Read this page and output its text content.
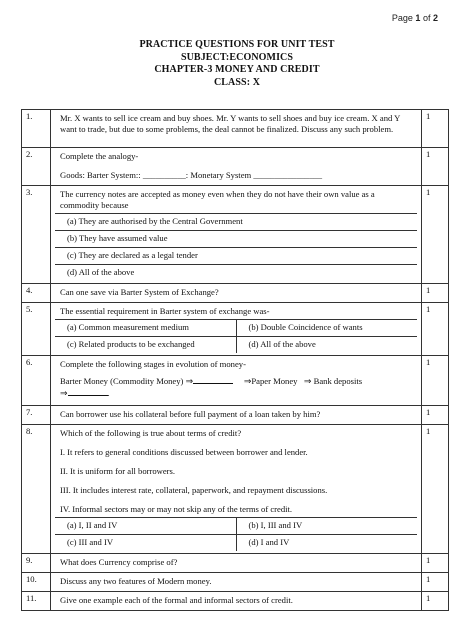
Page 1 of 2
PRACTICE QUESTIONS FOR UNIT TEST
SUBJECT:ECONOMICS
CHAPTER-3 MONEY AND CREDIT
CLASS: X
1.	Mr. X wants to sell ice cream and buy shoes. Mr. Y wants to sell shoes and buy ice cream. X and Y want to trade, but due to some problems, the deal cannot be finalized. Discuss any such problem.
	1
2.	Complete the analogy-
Goods: Barter System:: __________: Monetary System ________________
	1
3.	The currency notes are accepted as money even when they do not have their own value as a commodity because
(a) They are authorised by the Central Government
(b) They have assumed value
(c) They are declared as a legal tender
(d) All of the above
	1
4.	Can one save via Barter System of Exchange?	1
5.	The essential requirement in Barter system of exchange was-
(a) Common measurement medium	(b) Double Coincidence of wants
(c) Related products to be exchanged	(d) All of the above
	1
6.	Complete the following stages in evolution of money-
Barter Money (Commodity Money) ⇒	⇒Paper Money ⇒ Bank deposits
⇒	.
	1
7.	Can borrower use his collateral before full payment of a loan taken by him?	1
8.	Which of the following is true about terms of credit?
I. It refers to general conditions discussed between borrower and lender.
II. It is uniform for all borrowers.
III. It includes interest rate, collateral, paperwork, and repayment discussions.
IV. Informal sectors may or may not skip any of the terms of credit.
(a) I, II and IV	(b) I, III and IV
(c) III and IV	(d) I and IV
	1
9.	What does Currency comprise of?	1
10.	Discuss any two features of Modern money.	1
11.	Give one example each of the formal and informal sectors of credit.	1
